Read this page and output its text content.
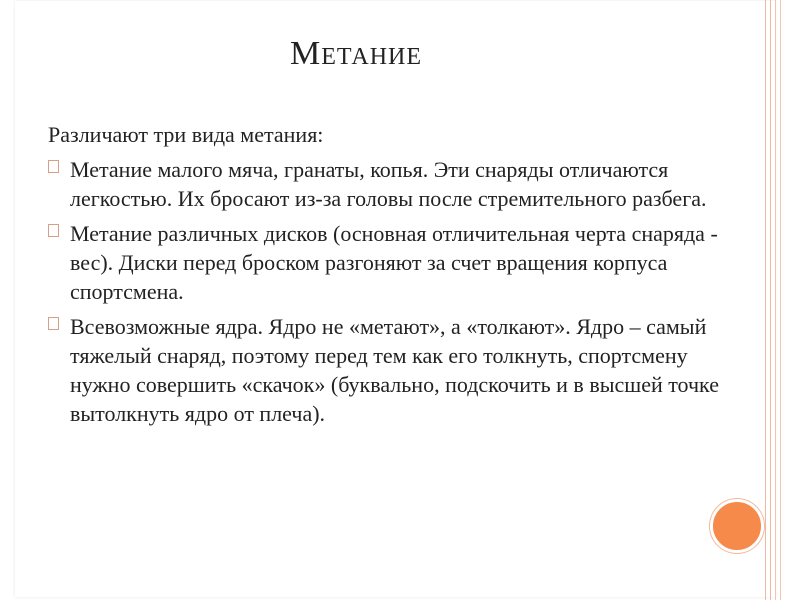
Метание

Различают три вида метания:

Метание малого мяча, гранаты, копья. Эти снаряды отличаются легкостью. Их бросают из-за головы после стремительного разбега.
Метание различных дисков (основная отличительная черта снаряда - вес). Диски перед броском разгоняют за счет вращения корпуса спортсмена.
Всевозможные ядра. Ядро не «метают», а «толкают». Ядро – самый тяжелый снаряд, поэтому перед тем как его толкнуть, спортсмену нужно совершить «скачок» (буквально, подскочить и в высшей точке вытолкнуть ядро от плеча).
